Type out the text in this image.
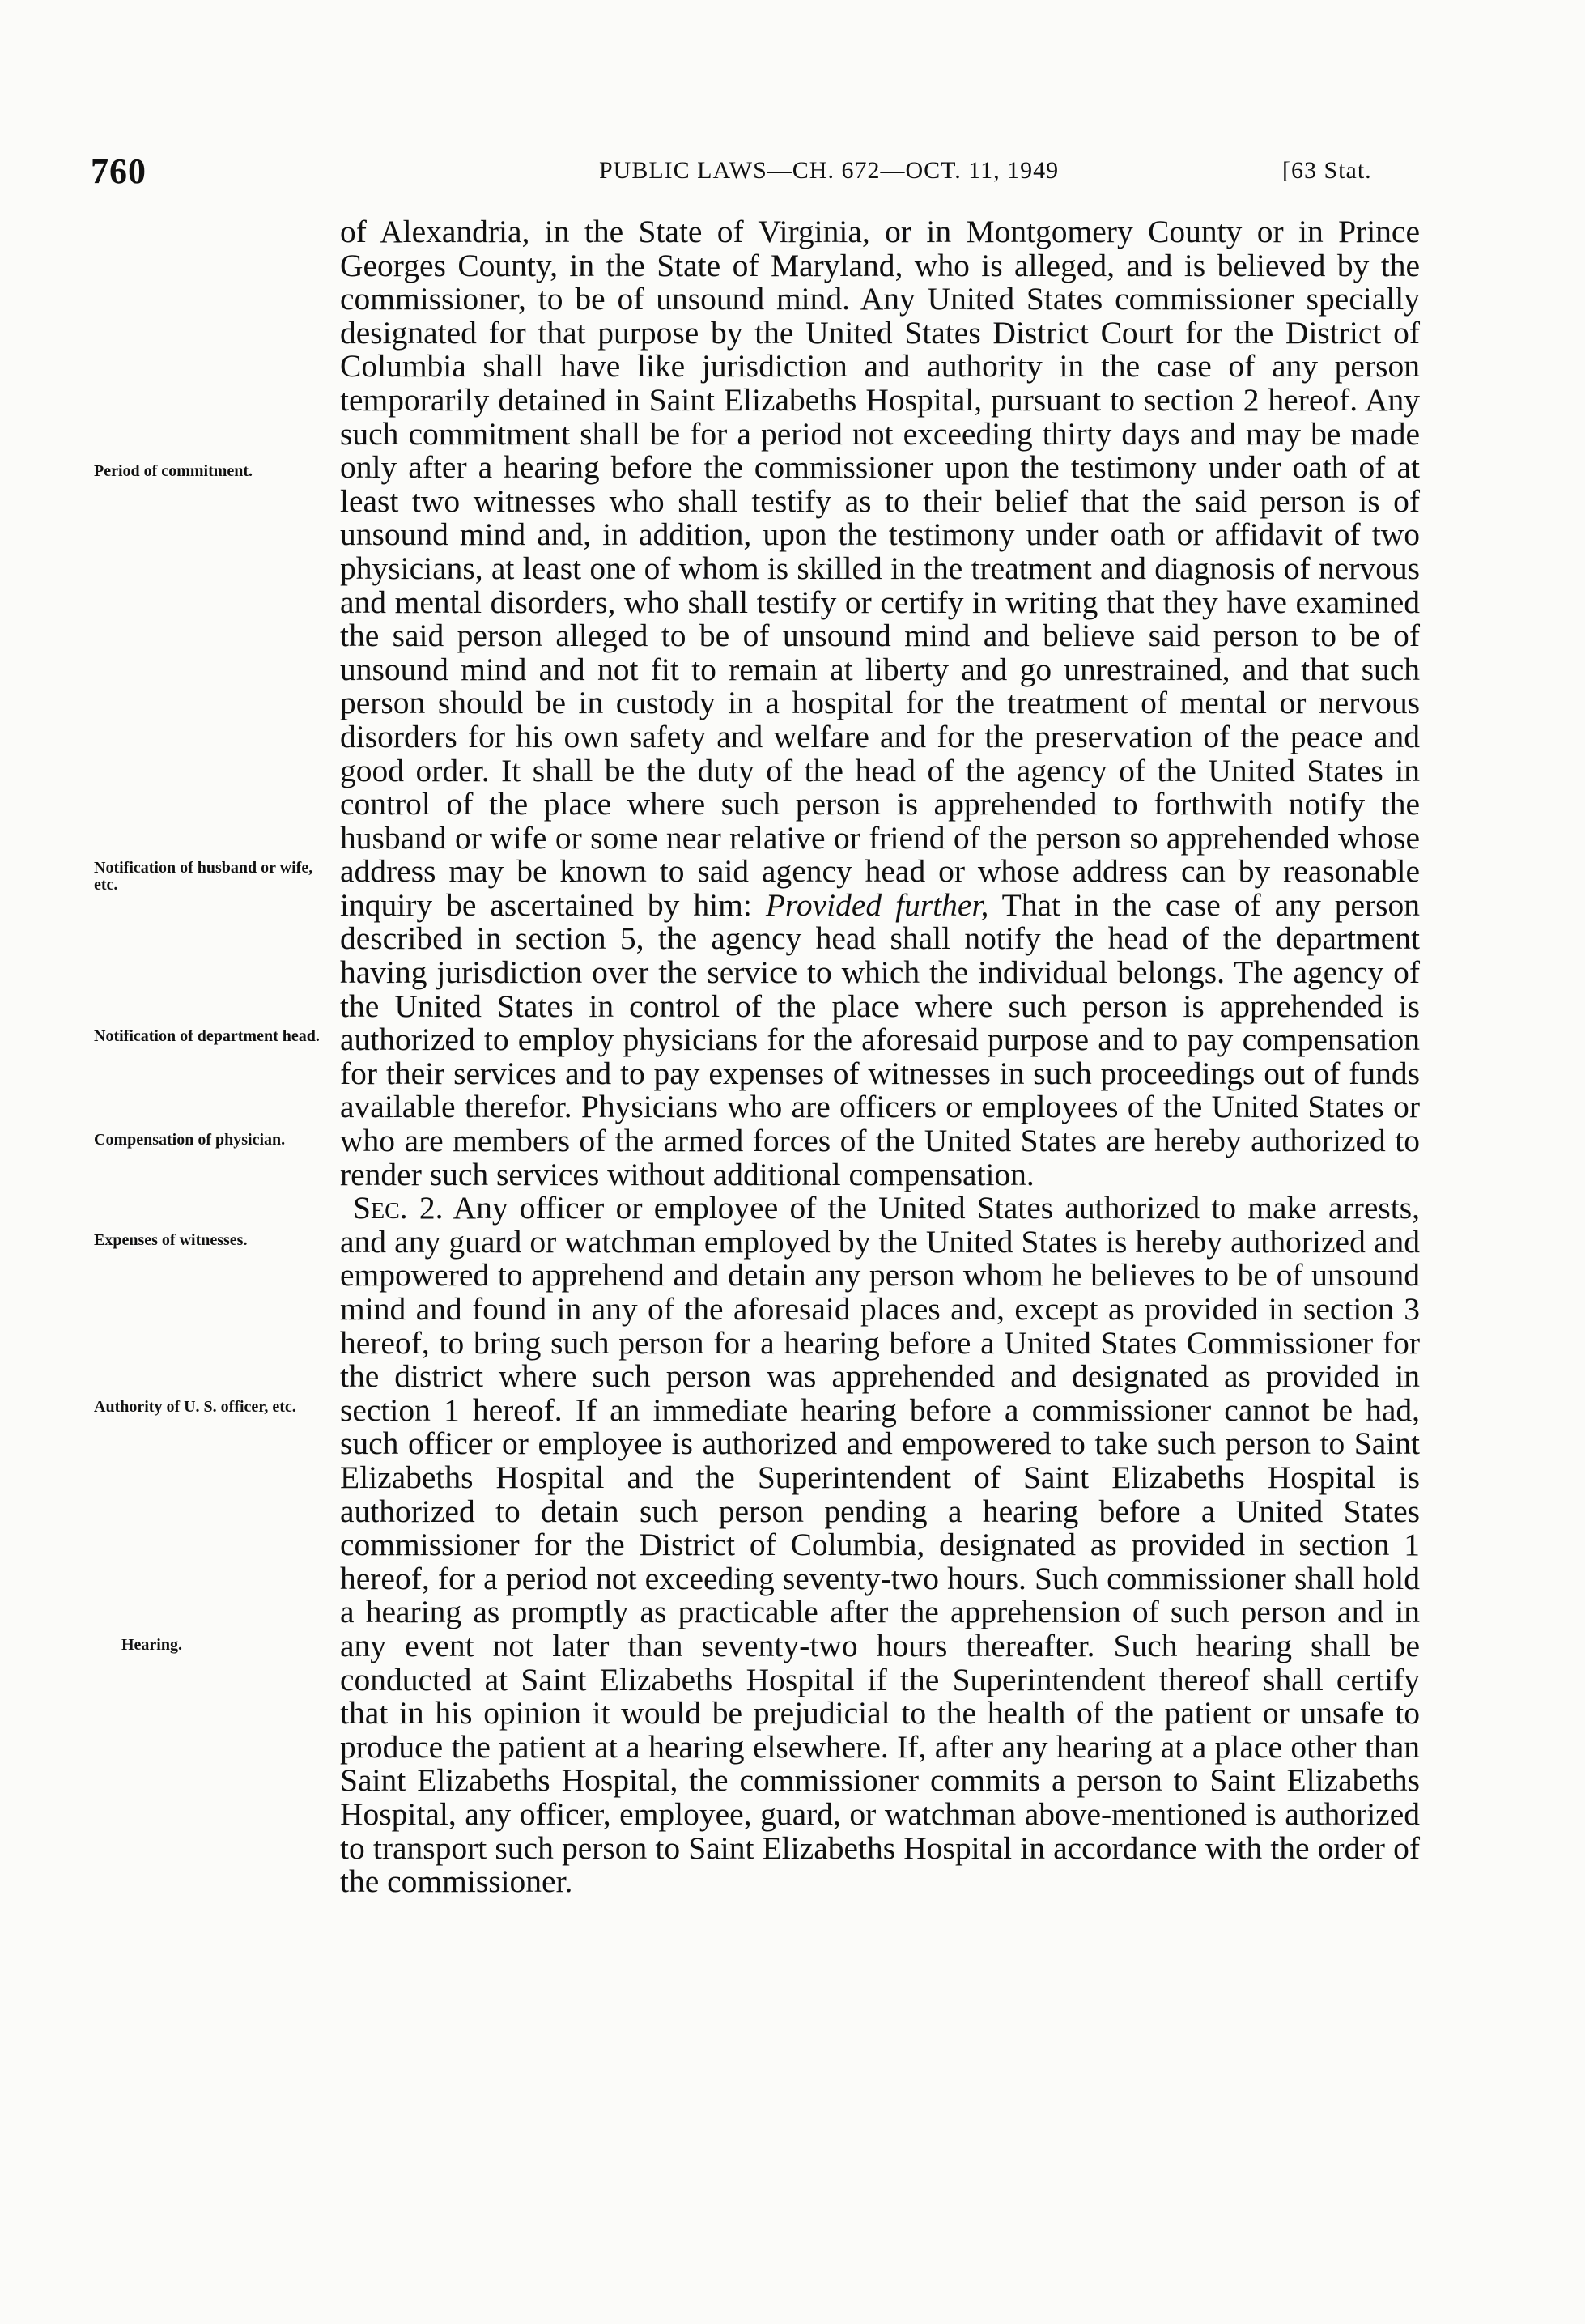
760	PUBLIC LAWS—CH. 672—OCT. 11, 1949	[63 Stat.
Period of commitment.
Notification of husband or wife, etc.
Notification of department head.
Compensation of physician.
Expenses of witnesses.
Authority of U. S. officer, etc.
Hearing.

of Alexandria, in the State of Virginia, or in Montgomery County or in Prince Georges County, in the State of Maryland, who is alleged, and is believed by the commissioner, to be of unsound mind. Any United States commissioner specially designated for that purpose by the United States District Court for the District of Columbia shall have like jurisdiction and authority in the case of any person temporarily detained in Saint Elizabeths Hospital, pursuant to section 2 hereof. Any such commitment shall be for a period not exceeding thirty days and may be made only after a hearing before the commissioner upon the testimony under oath of at least two witnesses who shall testify as to their belief that the said person is of unsound mind and, in addition, upon the testimony under oath or affidavit of two physicians, at least one of whom is skilled in the treatment and diagnosis of nervous and mental disorders, who shall testify or certify in writing that they have examined the said person alleged to be of unsound mind and believe said person to be of unsound mind and not fit to remain at liberty and go unrestrained, and that such person should be in custody in a hospital for the treatment of mental or nervous disorders for his own safety and welfare and for the preservation of the peace and good order. It shall be the duty of the head of the agency of the United States in control of the place where such person is apprehended to forthwith notify the husband or wife or some near relative or friend of the person so apprehended whose address may be known to said agency head or whose address can by reasonable inquiry be ascertained by him: Provided further, That in the case of any person described in section 5, the agency head shall notify the head of the department having jurisdiction over the service to which the individual belongs. The agency of the United States in control of the place where such person is apprehended is authorized to employ physicians for the aforesaid purpose and to pay compensation for their services and to pay expenses of witnesses in such proceedings out of funds available therefor. Physicians who are officers or employees of the United States or who are members of the armed forces of the United States are hereby authorized to render such services without additional compensation.

Sec. 2. Any officer or employee of the United States authorized to make arrests, and any guard or watchman employed by the United States is hereby authorized and empowered to apprehend and detain any person whom he believes to be of unsound mind and found in any of the aforesaid places and, except as provided in section 3 hereof, to bring such person for a hearing before a United States Commissioner for the district where such person was apprehended and designated as provided in section 1 hereof. If an immediate hearing before a commissioner cannot be had, such officer or employee is authorized and empowered to take such person to Saint Elizabeths Hospital and the Superintendent of Saint Elizabeths Hospital is authorized to detain such person pending a hearing before a United States commissioner for the District of Columbia, designated as provided in section 1 hereof, for a period not exceeding seventy-two hours. Such commissioner shall hold a hearing as promptly as practicable after the apprehension of such person and in any event not later than seventy-two hours thereafter. Such hearing shall be conducted at Saint Elizabeths Hospital if the Superintendent thereof shall certify that in his opinion it would be prejudicial to the health of the patient or unsafe to produce the patient at a hearing elsewhere. If, after any hearing at a place other than Saint Elizabeths Hospital, the commissioner commits a person to Saint Elizabeths Hospital, any officer, employee, guard, or watchman above-mentioned is authorized to transport such person to Saint Elizabeths Hospital in accordance with the order of the commissioner.
